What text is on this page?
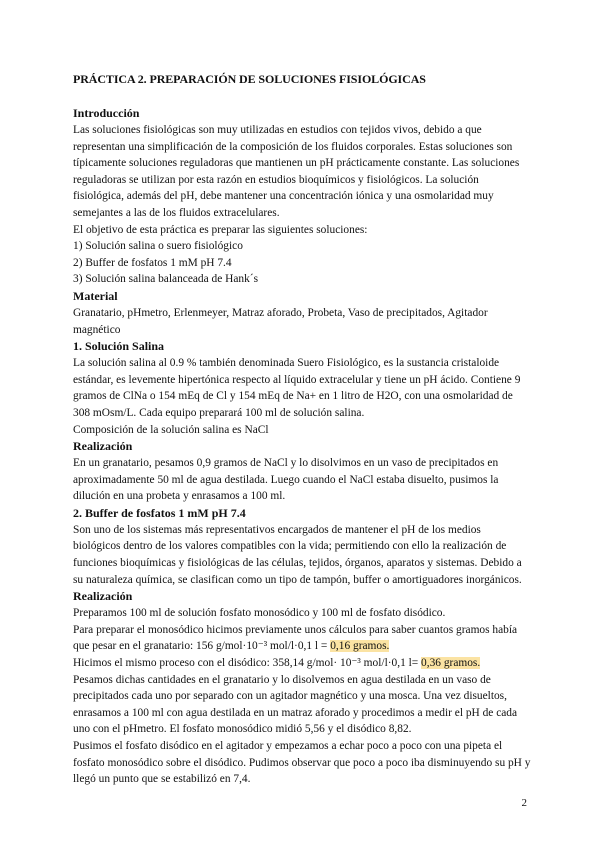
PRÁCTICA 2. PREPARACIÓN DE SOLUCIONES FISIOLÓGICAS
Introducción

Las soluciones fisiológicas son muy utilizadas en estudios con tejidos vivos, debido a que representan una simplificación de la composición de los fluidos corporales. Estas soluciones son típicamente soluciones reguladoras que mantienen un pH prácticamente constante. Las soluciones reguladoras se utilizan por esta razón en estudios bioquímicos y fisiológicos. La solución fisiológica, además del pH, debe mantener una concentración iónica y una osmolaridad muy semejantes a las de los fluidos extracelulares.

El objetivo de esta práctica es preparar las siguientes soluciones:

1) Solución salina o suero fisiológico
2) Buffer de fosfatos 1 mM pH 7.4
3) Solución salina balanceada de Hank´s
Material

Granatario, pHmetro, Erlenmeyer, Matraz aforado, Probeta, Vaso de precipitados, Agitador magnético

1. Solución Salina

La solución salina al 0.9 % también denominada Suero Fisiológico, es la sustancia cristaloide estándar, es levemente hipertónica respecto al líquido extracelular y tiene un pH ácido. Contiene 9 gramos de ClNa o 154 mEq de Cl y 154 mEq de Na+ en 1 litro de H2O, con una osmolaridad de 308 mOsm/L. Cada equipo preparará 100 ml de solución salina.

Composición de la solución salina es NaCl

Realización

En un granatario, pesamos 0,9 gramos de NaCl y lo disolvimos en un vaso de precipitados en aproximadamente 50 ml de agua destilada. Luego cuando el NaCl estaba disuelto, pusimos la dilución en una probeta y enrasamos a 100 ml.

2. Buffer de fosfatos 1 mM pH 7.4

Son uno de los sistemas más representativos encargados de mantener el pH de los medios biológicos dentro de los valores compatibles con la vida; permitiendo con ello la realización de funciones bioquímicas y fisiológicas de las células, tejidos, órganos, aparatos y sistemas. Debido a su naturaleza química, se clasifican como un tipo de tampón, buffer o amortiguadores inorgánicos.

Realización

Preparamos 100 ml de solución fosfato monosódico y 100 ml de fosfato disódico.

Para preparar el monosódico hicimos previamente unos cálculos para saber cuantos gramos había que pesar en el granatario: 156 g/mol·10⁻³ mol/l·0,1 l = 0,16 gramos.

Hicimos el mismo proceso con el disódico: 358,14 g/mol· 10⁻³ mol/l·0,1 l= 0,36 gramos.

Pesamos dichas cantidades en el granatario y lo disolvemos en agua destilada en un vaso de precipitados cada uno por separado con un agitador magnético y una mosca. Una vez disueltos, enrasamos a 100 ml con agua destilada en un matraz aforado y procedimos a medir el pH de cada uno con el pHmetro. El fosfato monosódico midió 5,56 y el disódico 8,82.

Pusimos el fosfato disódico en el agitador y empezamos a echar poco a poco con una pipeta el fosfato monosódico sobre el disódico. Pudimos observar que poco a poco iba disminuyendo su pH y llegó un punto que se estabilizó en 7,4.

2
